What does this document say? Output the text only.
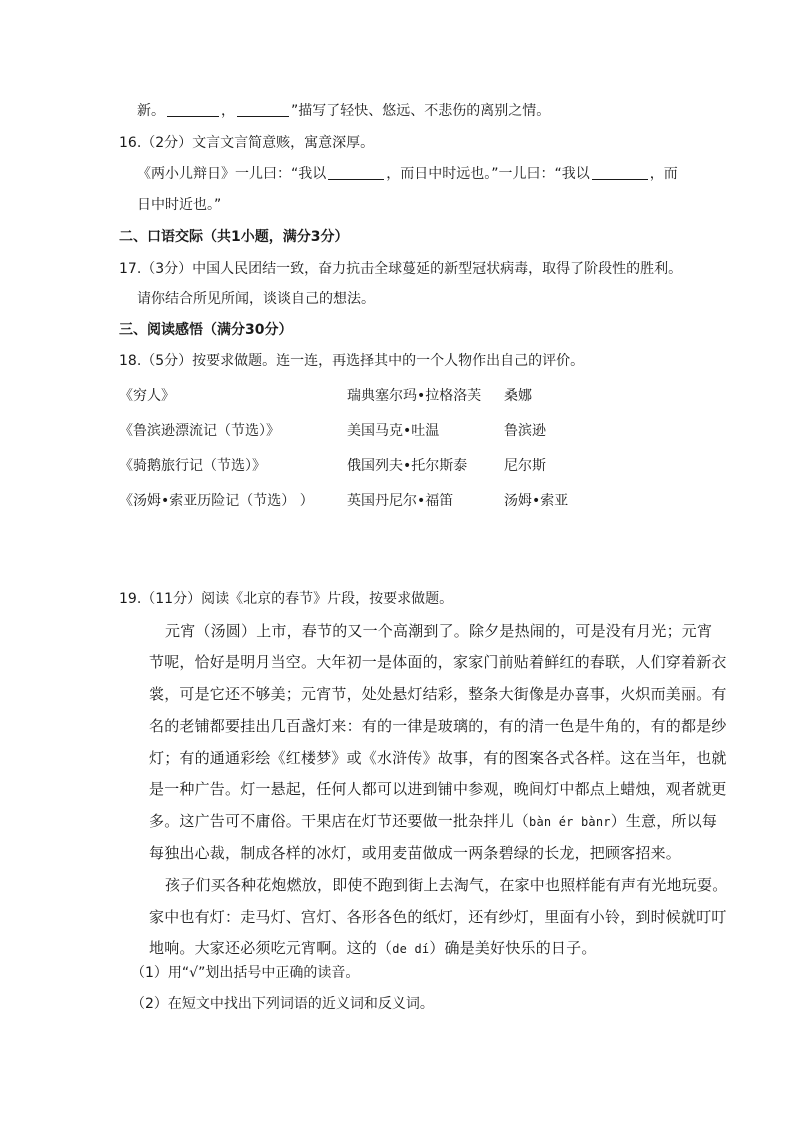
新。	，	”描写了轻快、悠远、不悲伤的离别之情。
16.（2分）文言文言简意赅，寓意深厚。
《两小儿辩日》一儿曰：“我以	，而日中时远也。”一儿曰：“我以	，而
日中时近也。”
二、口语交际（共1小题，满分3分）
17.（3分）中国人民团结一致，奋力抗击全球蔓延的新型冠状病毒，取得了阶段性的胜利。
请你结合所见所闻，谈谈自己的想法。
三、阅读感悟（满分30分）
18.（5分）按要求做题。连一连，再选择其中的一个人物作出自己的评价。
《穷人》	瑞典塞尔玛•拉格洛芙 桑娜
《鲁滨逊漂流记（节选）》	美国马克•吐温	鲁滨逊
《骑鹅旅行记（节选）》	俄国列夫•托尔斯泰	尼尔斯
《汤姆•索亚历险记（节选） ） 英国丹尼尔•福笛	汤姆•索亚
19.（11分）阅读《北京的春节》片段，按要求做题。
元宵（汤圆）上市，春节的又一个高潮到了。除夕是热闹的，可是没有月光；元宵
节呢，恰好是明月当空。大年初一是体面的，家家门前贴着鲜红的春联，人们穿着新衣
裳，可是它还不够美；元宵节，处处悬灯结彩，整条大街像是办喜事，火炽而美丽。有
名的老铺都要挂出几百盏灯来：有的一律是玻璃的，有的清一色是牛角的，有的都是纱
灯；有的通通彩绘《红楼梦》或《水浒传》故事，有的图案各式各样。这在当年，也就
是一种广告。灯一悬起，任何人都可以进到铺中参观，晚间灯中都点上蜡烛，观者就更
多。这广告可不庸俗。干果店在灯节还要做一批杂拌儿（bàn ér bànr）生意，所以每
每独出心裁，制成各样的冰灯，或用麦苗做成一两条碧绿的长龙，把顾客招来。
孩子们买各种花炮燃放，即使不跑到街上去淘气，在家中也照样能有声有光地玩耍。
家中也有灯：走马灯、宫灯、各形各色的纸灯，还有纱灯，里面有小铃，到时候就叮叮
地响。大家还必须吃元宵啊。这的（de dí）确是美好快乐的日子。
（1）用“√”划出括号中正确的读音。
（2）在短文中找出下列词语的近义词和反义词。
